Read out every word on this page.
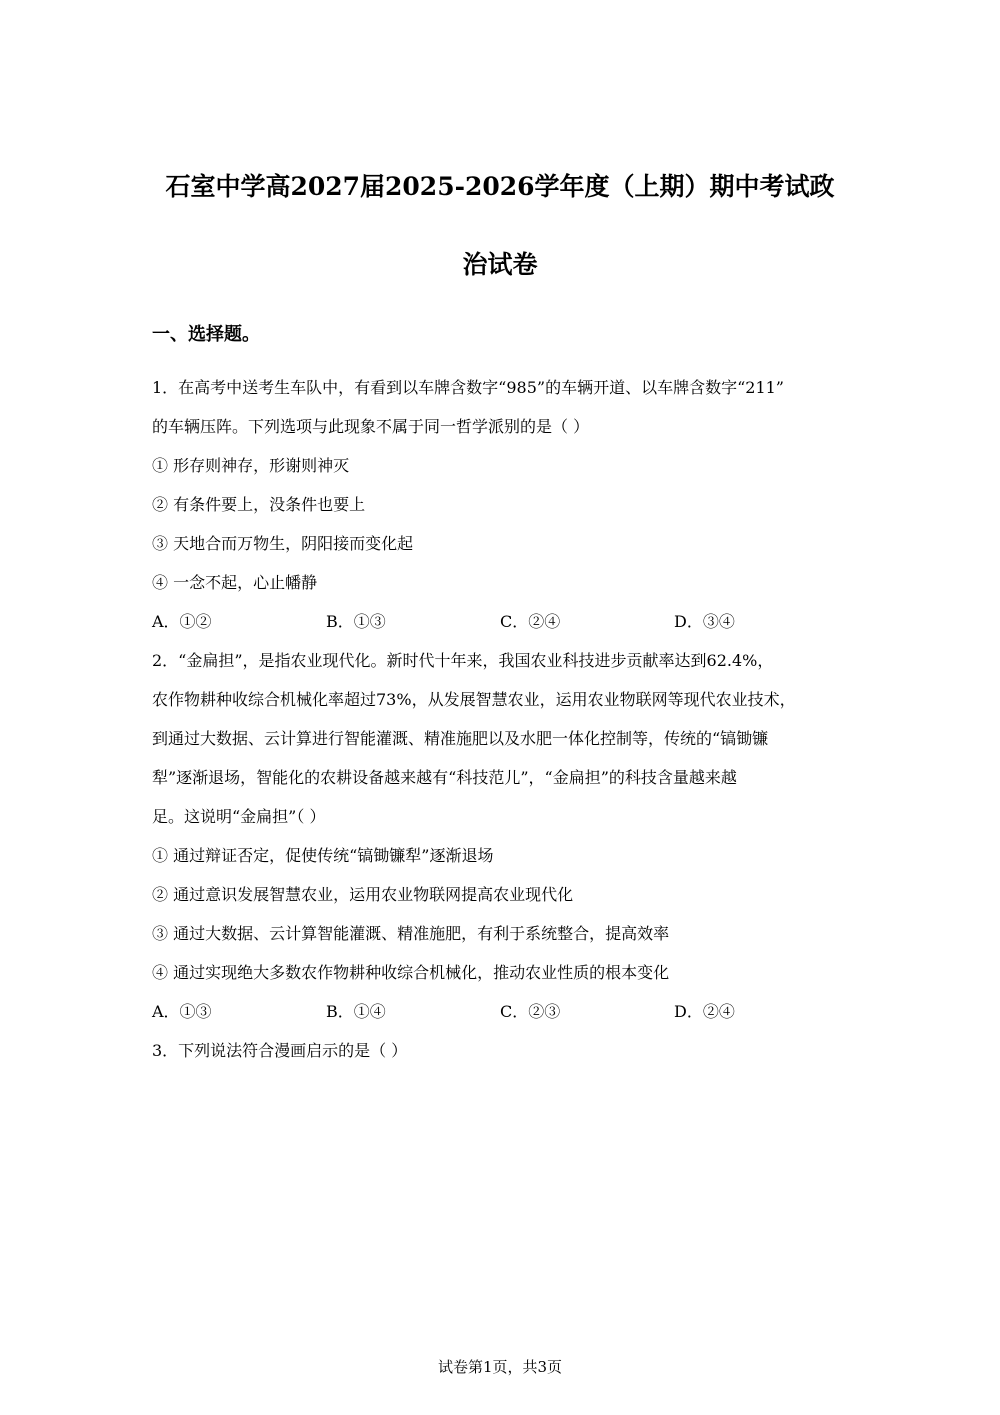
石室中学高2027届2025-2026学年度（上期）期中考试政
治试卷
一、选择题。
1．在高考中送考生车队中，有看到以车牌含数字“985”的车辆开道、以车牌含数字“211”
的车辆压阵。下列选项与此现象不属于同一哲学派别的是（ ）
① 形存则神存，形谢则神灭
② 有条件要上，没条件也要上
③ 天地合而万物生，阴阳接而变化起
④ 一念不起，心止幡静
A．①②	B．①③	C．②④	D．③④
2．“金扁担”，是指农业现代化。新时代十年来，我国农业科技进步贡献率达到62.4%，
农作物耕种收综合机械化率超过73%，从发展智慧农业，运用农业物联网等现代农业技术，
到通过大数据、云计算进行智能灌溉、精准施肥以及水肥一体化控制等，传统的“镐锄镰
犁”逐渐退场，智能化的农耕设备越来越有“科技范儿”，“金扁担”的科技含量越来越
足。这说明“金扁担”（ ）
① 通过辩证否定，促使传统“镐锄镰犁”逐渐退场
② 通过意识发展智慧农业，运用农业物联网提高农业现代化
③ 通过大数据、云计算智能灌溉、精准施肥，有利于系统整合，提高效率
④ 通过实现绝大多数农作物耕种收综合机械化，推动农业性质的根本变化
A．①③	B．①④	C．②③	D．②④
3．下列说法符合漫画启示的是（ ）
试卷第1页，共3页
